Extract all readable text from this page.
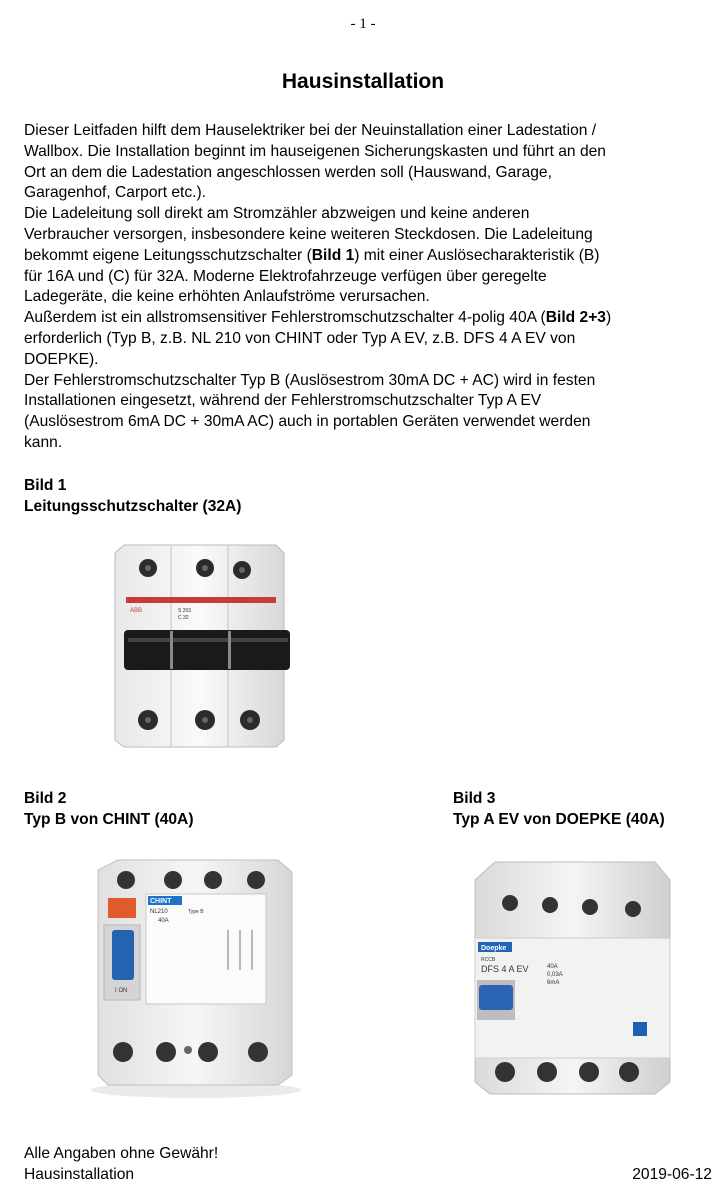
- 1 -
Hausinstallation
Dieser Leitfaden hilft dem Hauselektriker bei der Neuinstallation einer Ladestation /
Wallbox. Die Installation beginnt im hauseigenen Sicherungskasten und führt an den
Ort an dem die Ladestation angeschlossen werden soll (Hauswand, Garage,
Garagenhof, Carport etc.).
Die Ladeleitung soll direkt am Stromzähler abzweigen und keine anderen
Verbraucher versorgen, insbesondere keine weiteren Steckdosen. Die Ladeleitung
bekommt eigene Leitungsschutzschalter (Bild 1) mit einer Auslösecharakteristik (B)
für 16A und (C) für 32A. Moderne Elektrofahrzeuge verfügen über geregelte
Ladegeräte, die keine erhöhten Anlaufströme verursachen.
Außerdem ist ein allstromsensitiver Fehlerstromschutzschalter 4-polig 40A (Bild 2+3)
erforderlich (Typ B, z.B. NL 210 von CHINT oder Typ A EV, z.B. DFS 4 A EV von
DOEPKE).
Der Fehlerstromschutzschalter Typ B (Auslösestrom 30mA DC + AC) wird in festen
Installationen eingesetzt, während der Fehlerstromschutzschalter Typ A EV
(Auslösestrom 6mA DC + 30mA AC) auch in portablen Geräten verwendet werden
kann.
Bild 1
Leitungsschutzschalter (32A)
ABB	S 203
C 32
Bild 2
Typ B von CHINT (40A)
CHINT
NL210	Type B
40A
I ON
Bild 3
Typ A EV von DOEPKE (40A)
Doepke
RCCB
DFS 4 A EV	40A
0,03A
6mA
Alle Angaben ohne Gewähr!
Hausinstallation	2019-06-12
